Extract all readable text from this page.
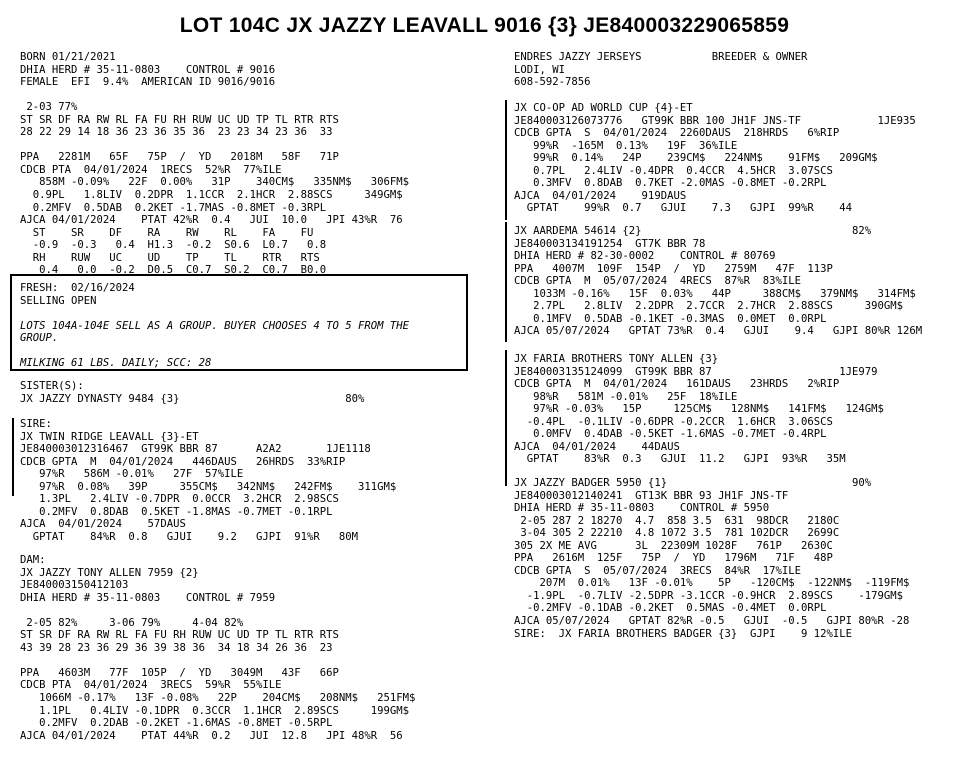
LOT 104C JX JAZZY LEAVALL 9016 {3} JE840003229065859
BORN 01/21/2021
DHIA HERD # 35-11-0803    CONTROL # 9016
FEMALE  EFI  9.4%  AMERICAN ID 9016/9016
2-03 77%
ST SR DF RA RW RL FA FU RH RUW UC UD TP TL RTR RTS
28 22 29 14 18 36 23 36 35 36  23 23 34 23 36  33
PPA   2281M   65F   75P  /  YD   2018M   58F   71P
CDCB PTA  04/01/2024  1RECS  52%R  77%ILE
858M -0.09%   22F  0.00%   31P    340CM$   335NM$   306FM$
0.9PL   1.8LIV  0.2DPR  1.1CCR  2.1HCR  2.88SCS     349GM$
0.2MFV  0.5DAB  0.2KET -1.7MAS -0.8MET -0.3RPL
AJCA 04/01/2024    PTAT 42%R  0.4   JUI  10.0   JPI 43%R  76
ST    SR    DF    RA    RW    RL    FA    FU
-0.9  -0.3   0.4  H1.3  -0.2  S0.6  L0.7   0.8
RH    RUW   UC    UD    TP    TL    RTR   RTS
0.4   0.0  -0.2  D0.5  C0.7  S0.2  C0.7  B0.0
FRESH:  02/16/2024
SELLING OPEN
LOTS 104A-104E SELL AS A GROUP. BUYER CHOOSES 4 TO 5 FROM THE
GROUP.
MILKING 61 LBS. DAILY; SCC: 28
SISTER(S):
JX JAZZY DYNASTY 9484 {3}                          80%
SIRE:
JX TWIN RIDGE LEAVALL {3}-ET
JE840003012316467  GT99K BBR 87      A2A2       1JE1118
CDCB GPTA  M  04/01/2024   446DAUS   26HRDS  33%RIP
97%R   586M -0.01%   27F  57%ILE
97%R  0.08%   39P     355CM$   342NM$   242FM$    311GM$
1.3PL   2.4LIV -0.7DPR  0.0CCR  3.2HCR  2.98SCS
0.2MFV  0.8DAB  0.5KET -1.8MAS -0.7MET -0.1RPL
AJCA  04/01/2024    57DAUS
GPTAT    84%R  0.8   GJUI    9.2   GJPI  91%R   80M
DAM:
JX JAZZY TONY ALLEN 7959 {2}
JE840003150412103
DHIA HERD # 35-11-0803    CONTROL # 7959
2-05 82%     3-06 79%     4-04 82%
ST SR DF RA RW RL FA FU RH RUW UC UD TP TL RTR RTS
43 39 28 23 36 29 36 39 38 36  34 18 34 26 36  23
PPA   4603M   77F  105P  /  YD   3049M   43F   66P
CDCB PTA  04/01/2024  3RECS  59%R  55%ILE
1066M -0.17%   13F -0.08%   22P    204CM$   208NM$   251FM$
1.1PL   0.4LIV -0.1DPR  0.3CCR  1.1HCR  2.89SCS     199GM$
0.2MFV  0.2DAB -0.2KET -1.6MAS -0.8MET -0.5RPL
AJCA 04/01/2024    PTAT 44%R  0.2   JUI  12.8   JPI 48%R  56
ENDRES JAZZY JERSEYS           BREEDER & OWNER
LODI, WI
608-592-7856
JX CO-OP AD WORLD CUP {4}-ET
JE840003126073776   GT99K BBR 100 JH1F JNS-TF            1JE935
CDCB GPTA  S  04/01/2024  2260DAUS  218HRDS   6%RIP
99%R  -165M  0.13%   19F  36%ILE
99%R  0.14%   24P    239CM$   224NM$    91FM$   209GM$
0.7PL   2.4LIV -0.4DPR  0.4CCR  4.5HCR  3.07SCS
0.3MFV  0.8DAB  0.7KET -2.0MAS -0.8MET -0.2RPL
AJCA  04/01/2024    919DAUS
GPTAT    99%R  0.7   GJUI    7.3   GJPI  99%R    44
JX AARDEMA 54614 {2}                                 82%
JE840003134191254  GT7K BBR 78
DHIA HERD # 82-30-0002    CONTROL # 80769
PPA   4007M  109F  154P  /  YD   2759M   47F  113P
CDCB GPTA  M  05/07/2024  4RECS  87%R  83%ILE
1033M -0.16%   15F  0.03%   44P     388CM$   379NM$   314FM$
2.7PL   2.8LIV  2.2DPR  2.7CCR  2.7HCR  2.88SCS     390GM$
0.1MFV  0.5DAB -0.1KET -0.3MAS  0.0MET  0.0RPL
AJCA 05/07/2024   GPTAT 73%R  0.4   GJUI    9.4   GJPI 80%R 126M
JX FARIA BROTHERS TONY ALLEN {3}
JE840003135124099  GT99K BBR 87                    1JE979
CDCB GPTA  M  04/01/2024   161DAUS   23HRDS   2%RIP
98%R   581M -0.01%   25F  18%ILE
97%R -0.03%   15P     125CM$   128NM$   141FM$   124GM$
-0.4PL  -0.1LIV -0.6DPR -0.2CCR  1.6HCR  3.06SCS
0.0MFV  0.4DAB -0.5KET -1.6MAS -0.7MET -0.4RPL
AJCA  04/01/2024    44DAUS
GPTAT    83%R  0.3   GJUI  11.2   GJPI  93%R   35M
JX JAZZY BADGER 5950 {1}                             90%
JE840003012140241  GT13K BBR 93 JH1F JNS-TF
DHIA HERD # 35-11-0803    CONTROL # 5950
2-05 287 2 18270  4.7  858 3.5  631  98DCR   2180C
3-04 305 2 22210  4.8 1072 3.5  781 102DCR   2699C
305 2X ME AVG      3L  22309M 1028F   761P   2630C
PPA   2616M  125F   75P  /  YD   1796M   71F   48P
CDCB GPTA  S  05/07/2024  3RECS  84%R  17%ILE
207M  0.01%   13F -0.01%    5P   -120CM$  -122NM$  -119FM$
-1.9PL  -0.7LIV -2.5DPR -3.1CCR -0.9HCR  2.89SCS    -179GM$
-0.2MFV -0.1DAB -0.2KET  0.5MAS -0.4MET  0.0RPL
AJCA 05/07/2024   GPTAT 82%R -0.5   GJUI  -0.5   GJPI 80%R -28
SIRE:  JX FARIA BROTHERS BADGER {3}  GJPI    9 12%ILE
